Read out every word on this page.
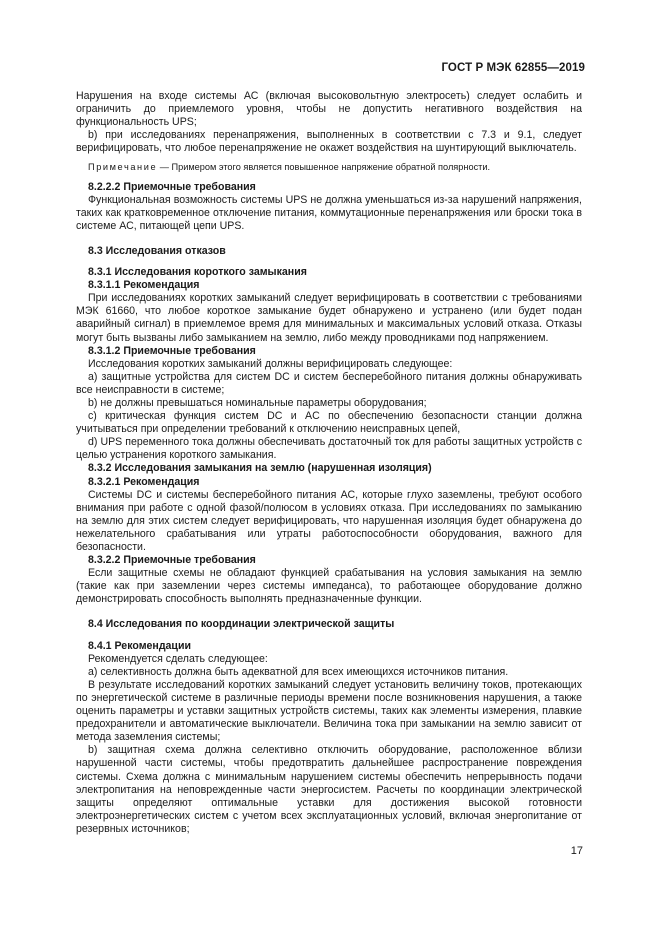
ГОСТ Р МЭК 62855—2019

Нарушения на входе системы АС (включая высоковольтную электросеть) следует ослабить и ограничить до приемлемого уровня, чтобы не допустить негативного воздействия на функциональность UPS;

b) при исследованиях перенапряжения, выполненных в соответствии с 7.3 и 9.1, следует верифицировать, что любое перенапряжение не окажет воздействия на шунтирующий выключатель.

Примечание — Примером этого является повышенное напряжение обратной полярности.

8.2.2.2 Приемочные требования

Функциональная возможность системы UPS не должна уменьшаться из-за нарушений напряжения, таких как кратковременное отключение питания, коммутационные перенапряжения или броски тока в системе АС, питающей цепи UPS.

8.3 Исследования отказов

8.3.1 Исследования короткого замыкания

8.3.1.1 Рекомендация

При исследованиях коротких замыканий следует верифицировать в соответствии с требованиями МЭК 61660, что любое короткое замыкание будет обнаружено и устранено (или будет подан аварийный сигнал) в приемлемое время для минимальных и максимальных условий отказа. Отказы могут быть вызваны либо замыканием на землю, либо между проводниками под напряжением.

8.3.1.2 Приемочные требования

Исследования коротких замыканий должны верифицировать следующее:

a) защитные устройства для систем DC и систем бесперебойного питания должны обнаруживать все неисправности в системе;

b) не должны превышаться номинальные параметры оборудования;

c) критическая функция систем DC и AC по обеспечению безопасности станции должна учитываться при определении требований к отключению неисправных цепей,

d) UPS переменного тока должны обеспечивать достаточный ток для работы защитных устройств с целью устранения короткого замыкания.

8.3.2 Исследования замыкания на землю (нарушенная изоляция)

8.3.2.1 Рекомендация

Системы DC и системы бесперебойного питания АС, которые глухо заземлены, требуют особого внимания при работе с одной фазой/полюсом в условиях отказа. При исследованиях по замыканию на землю для этих систем следует верифицировать, что нарушенная изоляция будет обнаружена до нежелательного срабатывания или утраты работоспособности оборудования, важного для безопасности.

8.3.2.2 Приемочные требования

Если защитные схемы не обладают функцией срабатывания на условия замыкания на землю (такие как при заземлении через системы импеданса), то работающее оборудование должно демонстрировать способность выполнять предназначенные функции.

8.4 Исследования по координации электрической защиты

8.4.1 Рекомендации

Рекомендуется сделать следующее:

a) селективность должна быть адекватной для всех имеющихся источников питания.

В результате исследований коротких замыканий следует установить величину токов, протекающих по энергетической системе в различные периоды времени после возникновения нарушения, а также оценить параметры и уставки защитных устройств системы, таких как элементы измерения, плавкие предохранители и автоматические выключатели. Величина тока при замыкании на землю зависит от метода заземления системы;

b) защитная схема должна селективно отключить оборудование, расположенное вблизи нарушенной части системы, чтобы предотвратить дальнейшее распространение повреждения системы. Схема должна с минимальным нарушением системы обеспечить непрерывность подачи электропитания на неповрежденные части энергосистем. Расчеты по координации электрической защиты определяют оптимальные уставки для достижения высокой готовности электроэнергетических систем с учетом всех эксплуатационных условий, включая энергопитание от резервных источников;

17
